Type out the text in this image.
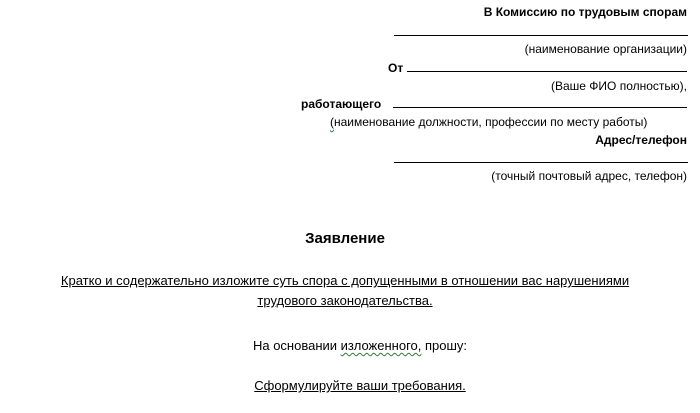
В Комиссию по трудовым спорам
(наименование организации)
От
(Ваше ФИО полностью),
работающего
(наименование должности, профессии по месту работы)
Адрес/телефон
(точный почтовый адрес, телефон)
Заявление
Кратко и содержательно изложите суть спора с допущенными в отношении вас нарушениями
трудового законодательства.
На основании изложенного, прошу:
Сформулируйте ваши требования.
